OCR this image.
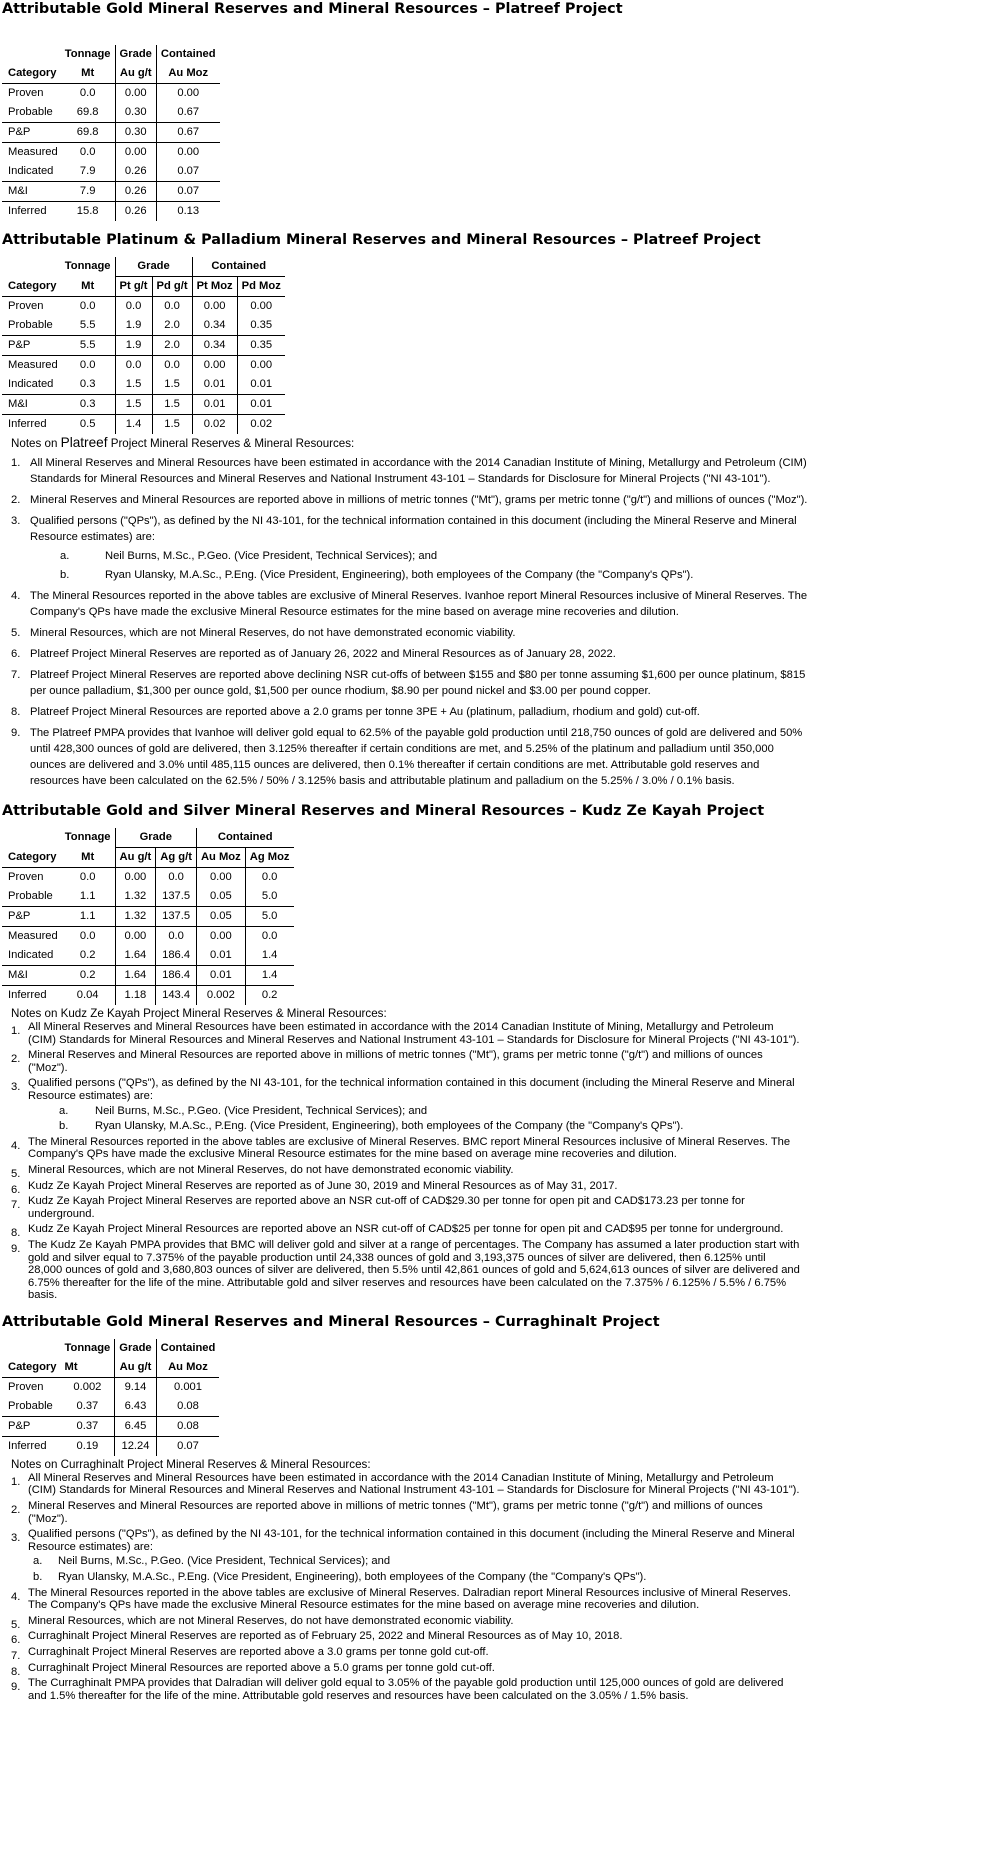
Attributable Gold Mineral Reserves and Mineral Resources – Platreef Project
	Tonnage	Grade	Contained
Category	Mt	Au g/t	Au Moz
Proven	0.0	0.00	0.00
Probable	69.8	0.30	0.67
P&P	69.8	0.30	0.67
Measured	0.0	0.00	0.00
Indicated	7.9	0.26	0.07
M&I	7.9	0.26	0.07
Inferred	15.8	0.26	0.13
Attributable Platinum & Palladium Mineral Reserves and Mineral Resources – Platreef Project
	Tonnage	Grade		Contained	
Category	Mt	Pt g/t	Pd g/t	Pt Moz	Pd Moz
Proven	0.0	0.0	0.0	0.00	0.00
Probable	5.5	1.9	2.0	0.34	0.35
P&P	5.5	1.9	2.0	0.34	0.35
Measured	0.0	0.0	0.0	0.00	0.00
Indicated	0.3	1.5	1.5	0.01	0.01
M&I	0.3	1.5	1.5	0.01	0.01
Inferred	0.5	1.4	1.5	0.02	0.02
Notes on Platreef Project Mineral Reserves & Mineral Resources:
1. All Mineral Reserves and Mineral Resources have been estimated in accordance with the 2014 Canadian Institute of Mining, Metallurgy and Petroleum (CIM) Standards for Mineral Resources and Mineral Reserves and National Instrument 43-101 – Standards for Disclosure for Mineral Projects ("NI 43-101").
2. Mineral Reserves and Mineral Resources are reported above in millions of metric tonnes ("Mt"), grams per metric tonne ("g/t") and millions of ounces ("Moz").
3. Qualified persons ("QPs"), as defined by the NI 43-101, for the technical information contained in this document (including the Mineral Reserve and Mineral Resource estimates) are:
a.	Neil Burns, M.Sc., P.Geo. (Vice President, Technical Services); and
b.	Ryan Ulansky, M.A.Sc., P.Eng. (Vice President, Engineering), both employees of the Company (the "Company's QPs").
4. The Mineral Resources reported in the above tables are exclusive of Mineral Reserves. Ivanhoe report Mineral Resources inclusive of Mineral Reserves. The Company's QPs have made the exclusive Mineral Resource estimates for the mine based on average mine recoveries and dilution.
5. Mineral Resources, which are not Mineral Reserves, do not have demonstrated economic viability.
6. Platreef Project Mineral Reserves are reported as of January 26, 2022 and Mineral Resources as of January 28, 2022.
7. Platreef Project Mineral Reserves are reported above declining NSR cut-offs of between $155 and $80 per tonne assuming $1,600 per ounce platinum, $815 per ounce palladium, $1,300 per ounce gold, $1,500 per ounce rhodium, $8.90 per pound nickel and $3.00 per pound copper.
8. Platreef Project Mineral Resources are reported above a 2.0 grams per tonne 3PE + Au (platinum, palladium, rhodium and gold) cut-off.
9. The Platreef PMPA provides that Ivanhoe will deliver gold equal to 62.5% of the payable gold production until 218,750 ounces of gold are delivered and 50% until 428,300 ounces of gold are delivered, then 3.125% thereafter if certain conditions are met, and 5.25% of the platinum and palladium until 350,000 ounces are delivered and 3.0% until 485,115 ounces are delivered, then 0.1% thereafter if certain conditions are met. Attributable gold reserves and resources have been calculated on the 62.5% / 50% / 3.125% basis and attributable platinum and palladium on the 5.25% / 3.0% / 0.1% basis.
Attributable Gold and Silver Mineral Reserves and Mineral Resources – Kudz Ze Kayah Project
	Tonnage	Grade		Contained	
Category	Mt	Au g/t	Ag g/t	Au Moz	Ag Moz
Proven	0.0	0.00	0.0	0.00	0.0
Probable	1.1	1.32	137.5	0.05	5.0
P&P	1.1	1.32	137.5	0.05	5.0
Measured	0.0	0.00	0.0	0.00	0.0
Indicated	0.2	1.64	186.4	0.01	1.4
M&I	0.2	1.64	186.4	0.01	1.4
Inferred	0.04	1.18	143.4	0.002	0.2
Notes on Kudz Ze Kayah Project Mineral Reserves & Mineral Resources:
1. All Mineral Reserves and Mineral Resources have been estimated in accordance with the 2014 Canadian Institute of Mining, Metallurgy and Petroleum (CIM) Standards for Mineral Resources and Mineral Reserves and National Instrument 43-101 – Standards for Disclosure for Mineral Projects ("NI 43-101").
2. Mineral Reserves and Mineral Resources are reported above in millions of metric tonnes ("Mt"), grams per metric tonne ("g/t") and millions of ounces ("Moz").
3. Qualified persons ("QPs"), as defined by the NI 43-101, for the technical information contained in this document (including the Mineral Reserve and Mineral Resource estimates) are:
a. Neil Burns, M.Sc., P.Geo. (Vice President, Technical Services); and
b. Ryan Ulansky, M.A.Sc., P.Eng. (Vice President, Engineering), both employees of the Company (the "Company's QPs").
4. The Mineral Resources reported in the above tables are exclusive of Mineral Reserves. BMC report Mineral Resources inclusive of Mineral Reserves. The Company's QPs have made the exclusive Mineral Resource estimates for the mine based on average mine recoveries and dilution.
5. Mineral Resources, which are not Mineral Reserves, do not have demonstrated economic viability.
6. Kudz Ze Kayah Project Mineral Reserves are reported as of June 30, 2019 and Mineral Resources as of May 31, 2017.
7. Kudz Ze Kayah Project Mineral Reserves are reported above an NSR cut-off of CAD$29.30 per tonne for open pit and CAD$173.23 per tonne for underground.
8. Kudz Ze Kayah Project Mineral Resources are reported above an NSR cut-off of CAD$25 per tonne for open pit and CAD$95 per tonne for underground.
9. The Kudz Ze Kayah PMPA provides that BMC will deliver gold and silver at a range of percentages. The Company has assumed a later production start with gold and silver equal to 7.375% of the payable production until 24,338 ounces of gold and 3,193,375 ounces of silver are delivered, then 6.125% until 28,000 ounces of gold and 3,680,803 ounces of silver are delivered, then 5.5% until 42,861 ounces of gold and 5,624,613 ounces of silver are delivered and 6.75% thereafter for the life of the mine. Attributable gold and silver reserves and resources have been calculated on the 7.375% / 6.125% / 5.5% / 6.75% basis.
Attributable Gold Mineral Reserves and Mineral Resources – Curraghinalt Project
	Tonnage	Grade	Contained
Category	Mt	Au g/t	Au Moz
Proven	0.002	9.14	0.001
Probable	0.37	6.43	0.08
P&P	0.37	6.45	0.08
Inferred	0.19	12.24	0.07
Notes on Curraghinalt Project Mineral Reserves & Mineral Resources:
1. All Mineral Reserves and Mineral Resources have been estimated in accordance with the 2014 Canadian Institute of Mining, Metallurgy and Petroleum (CIM) Standards for Mineral Resources and Mineral Reserves and National Instrument 43-101 – Standards for Disclosure for Mineral Projects ("NI 43-101").
2. Mineral Reserves and Mineral Resources are reported above in millions of metric tonnes ("Mt"), grams per metric tonne ("g/t") and millions of ounces ("Moz").
3. Qualified persons ("QPs"), as defined by the NI 43-101, for the technical information contained in this document (including the Mineral Reserve and Mineral Resource estimates) are:
a. Neil Burns, M.Sc., P.Geo. (Vice President, Technical Services); and
b. Ryan Ulansky, M.A.Sc., P.Eng. (Vice President, Engineering), both employees of the Company (the "Company's QPs").
4. The Mineral Resources reported in the above tables are exclusive of Mineral Reserves. Dalradian report Mineral Resources inclusive of Mineral Reserves. The Company's QPs have made the exclusive Mineral Resource estimates for the mine based on average mine recoveries and dilution.
5. Mineral Resources, which are not Mineral Reserves, do not have demonstrated economic viability.
6. Curraghinalt Project Mineral Reserves are reported as of February 25, 2022 and Mineral Resources as of May 10, 2018.
7. Curraghinalt Project Mineral Reserves are reported above a 3.0 grams per tonne gold cut-off.
8. Curraghinalt Project Mineral Resources are reported above a 5.0 grams per tonne gold cut-off.
9. The Curraghinalt PMPA provides that Dalradian will deliver gold equal to 3.05% of the payable gold production until 125,000 ounces of gold are delivered and 1.5% thereafter for the life of the mine. Attributable gold reserves and resources have been calculated on the 3.05% / 1.5% basis.
